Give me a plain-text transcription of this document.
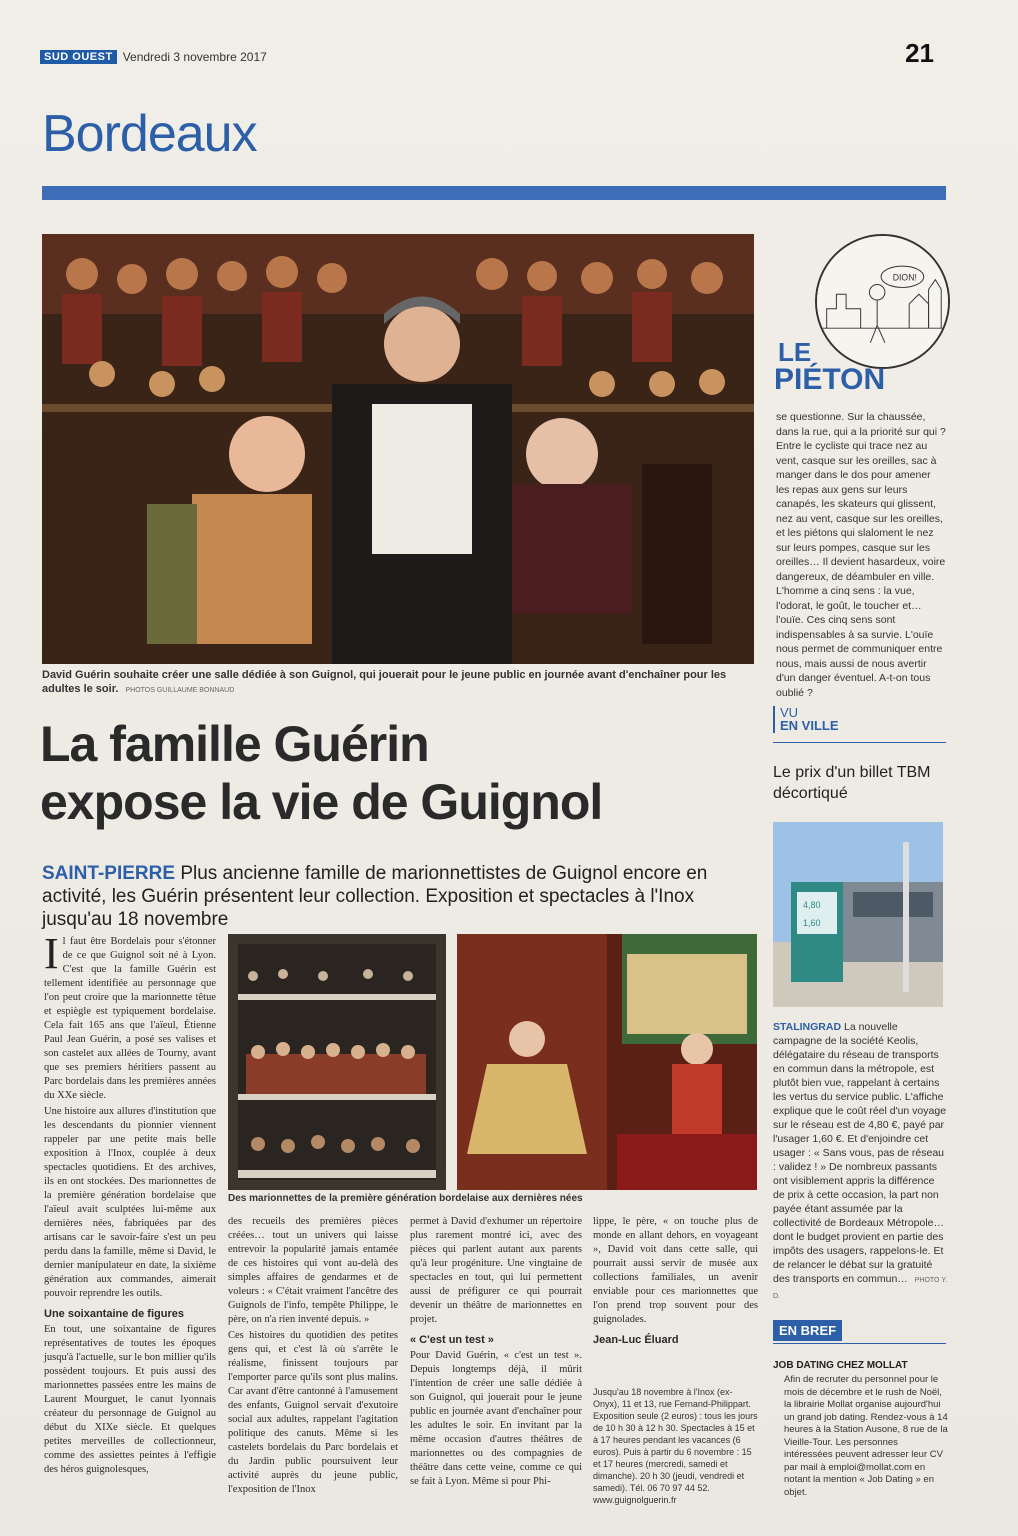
SUD OUEST Vendredi 3 novembre 2017	21
Bordeaux
David Guérin souhaite créer une salle dédiée à son Guignol, qui jouerait pour le jeune public en journée avant d'enchaîner pour les adultes le soir. PHOTOS GUILLAUME BONNAUD
La famille Guérin
expose la vie de Guignol
SAINT-PIERRE Plus ancienne famille de marionnettistes de Guignol encore en activité, les Guérin présentent leur collection. Exposition et spectacles à l'Inox jusqu'au 18 novembre

Il faut être Bordelais pour s'étonner de ce que Guignol soit né à Lyon. C'est que la famille Guérin est tellement identifiée au personnage que l'on peut croire que la marionnette têtue et espiègle est typiquement bordelaise. Cela fait 165 ans que l'aïeul, Étienne Paul Jean Guérin, a posé ses valises et son castelet aux allées de Tourny, avant que ses premiers héritiers passent au Parc bordelais dans les premières années du XXe siècle.

Une histoire aux allures d'institution que les descendants du pionnier viennent rappeler par une petite mais belle exposition à l'Inox, couplée à deux spectacles quotidiens. Et des archives, ils en ont stockées. Des marionnettes de la première génération bordelaise que l'aïeul avait sculptées lui-même aux dernières nées, fabriquées par des artisans car le savoir-faire s'est un peu perdu dans la famille, même si David, le dernier manipulateur en date, la sixième génération aux commandes, aimerait pouvoir reprendre les outils.

Une soixantaine de figures

En tout, une soixantaine de figures représentatives de toutes les époques jusqu'à l'actuelle, sur le bon millier qu'ils possèdent toujours. Et puis aussi des marionnettes passées entre les mains de Laurent Mourguet, le canut lyonnais créateur du personnage de Guignol au début du XIXe siècle. Et quelques petites merveilles de collectionneur, comme des assiettes peintes à l'effigie des héros guignolesques,

Des marionnettes de la première génération bordelaise aux dernières nées

des recueils des premières pièces créées… tout un univers qui laisse entrevoir la popularité jamais entamée de ces histoires qui vont au-delà des simples affaires de gendarmes et de voleurs : « C'était vraiment l'ancêtre des Guignols de l'info, tempête Philippe, le père, on n'a rien inventé depuis. »

Ces histoires du quotidien des petites gens qui, et c'est là où s'arrête le réalisme, finissent toujours par l'emporter parce qu'ils sont plus malins. Car avant d'être cantonné à l'amusement des enfants, Guignol servait d'exutoire social aux adultes, rappelant l'agitation politique des canuts. Même si les castelets bordelais du Parc bordelais et du Jardin public poursuivent leur activité auprès du jeune public, l'exposition de l'Inox

permet à David d'exhumer un répertoire plus rarement montré ici, avec des pièces qui parlent autant aux parents qu'à leur progéniture. Une vingtaine de spectacles en tout, qui lui permettent aussi de préfigurer ce qui pourrait devenir un théâtre de marionnettes en projet.

« C'est un test »

Pour David Guérin, « c'est un test ». Depuis longtemps déjà, il mûrit l'intention de créer une salle dédiée à son Guignol, qui jouerait pour le jeune public en journée avant d'enchaîner pour les adultes le soir. En invitant par la même occasion d'autres théâtres de marionnettes ou des compagnies de théâtre dans cette veine, comme ce qui se fait à Lyon. Même si pour Phi-

lippe, le père, « on touche plus de monde en allant dehors, en voyageant », David voit dans cette salle, qui pourrait aussi servir de musée aux collections familiales, un avenir enviable pour ces marionnettes que l'on prend trop souvent pour des guignolades.

Jean-Luc Éluard
Jusqu'au 18 novembre à l'Inox (ex-Onyx), 11 et 13, rue Fernand-Philippart. Exposition seule (2 euros) : tous les jours de 10 h 30 à 12 h 30. Spectacles à 15 et à 17 heures pendant les vacances (6 euros). Puis à partir du 6 novembre : 15 et 17 heures (mercredi, samedi et dimanche). 20 h 30 (jeudi, vendredi et samedi). Tél. 06 70 97 44 52. www.guignolguerin.fr
DION!
LE
PIÉTON
se questionne. Sur la chaussée, dans la rue, qui a la priorité sur qui ? Entre le cycliste qui trace nez au vent, casque sur les oreilles, sac à manger dans le dos pour amener les repas aux gens sur leurs canapés, les skateurs qui glissent, nez au vent, casque sur les oreilles, et les piétons qui slaloment le nez sur leurs pompes, casque sur les oreilles… Il devient hasardeux, voire dangereux, de déambuler en ville. L'homme a cinq sens : la vue, l'odorat, le goût, le toucher et… l'ouïe. Ces cinq sens sont indispensables à sa survie. L'ouïe nous permet de communiquer entre nous, mais aussi de nous avertir d'un danger éventuel. A-t-on tous oublié ?
VU
EN VILLE
Le prix d'un billet TBM décortiqué
4,80
1,60
STALINGRAD La nouvelle campagne de la société Keolis, délégataire du réseau de transports en commun dans la métropole, est plutôt bien vue, rappelant à certains les vertus du service public. L'affiche explique que le coût réel d'un voyage sur le réseau est de 4,80 €, payé par l'usager 1,60 €. Et d'enjoindre cet usager : « Sans vous, pas de réseau : validez ! » De nombreux passants ont visiblement appris la différence de prix à cette occasion, la part non payée étant assumée par la collectivité de Bordeaux Métropole… dont le budget provient en partie des impôts des usagers, rappelons-le. Et de relancer le débat sur la gratuité des transports en commun… PHOTO Y. D.
EN BREF
JOB DATING CHEZ MOLLAT
Afin de recruter du personnel pour le mois de décembre et le rush de Noël, la librairie Mollat organise aujourd'hui un grand job dating. Rendez-vous à 14 heures à la Station Ausone, 8 rue de la Vieille-Tour. Les personnes intéressées peuvent adresser leur CV par mail à emploi@mollat.com en notant la mention « Job Dating » en objet.
